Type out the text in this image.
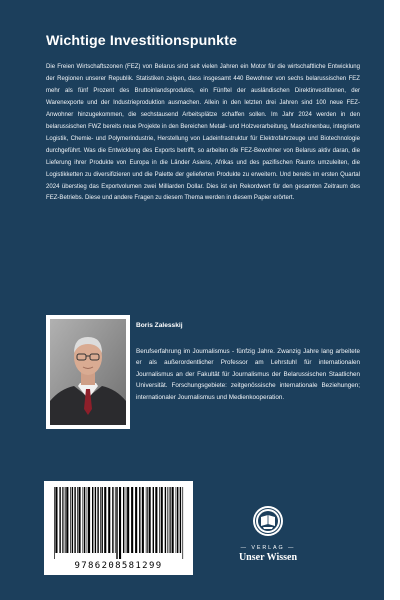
Wichtige Investitionspunkte

Die Freien Wirtschaftszonen (FEZ) von Belarus sind seit vielen Jahren ein Motor für die wirtschaftliche Entwicklung der Regionen unserer Republik. Statistiken zeigen, dass insgesamt 440 Bewohner von sechs belarussischen FEZ mehr als fünf Prozent des Bruttoinlandsprodukts, ein Fünftel der ausländischen Direktinvestitionen, der Warenexporte und der Industrieproduktion ausmachen. Allein in den letzten drei Jahren sind 100 neue FEZ-Anwohner hinzugekommen, die sechstausend Arbeitsplätze schaffen sollen. Im Jahr 2024 werden in den belarussischen FWZ bereits neue Projekte in den Bereichen Metall- und Holzverarbeitung, Maschinenbau, integrierte Logistik, Chemie- und Polymerindustrie, Herstellung von Ladeinfrastruktur für Elektrofahrzeuge und Biotechnologie durchgeführt. Was die Entwicklung des Exports betrifft, so arbeiten die FEZ-Bewohner von Belarus aktiv daran, die Lieferung ihrer Produkte von Europa in die Länder Asiens, Afrikas und des pazifischen Raums umzuleiten, die Logistikketten zu diversifizieren und die Palette der gelieferten Produkte zu erweitern. Und bereits im ersten Quartal 2024 überstieg das Exportvolumen zwei Milliarden Dollar. Dies ist ein Rekordwert für den gesamten Zeitraum des FEZ-Betriebs. Diese und andere Fragen zu diesem Thema werden in diesem Papier erörtert.

Boris Zalesskij

Berufserfahrung im Journalismus - fünfzig Jahre. Zwanzig Jahre lang arbeitete er als außerordentlicher Professor am Lehrstuhl für internationalen Journalismus an der Fakultät für Journalismus der Belarussischen Staatlichen Universität. Forschungsgebiete: zeitgenössische internationale Beziehungen; internationaler Journalismus und Medienkooperation.

9786208581299
— VERLAG —
Unser Wissen
